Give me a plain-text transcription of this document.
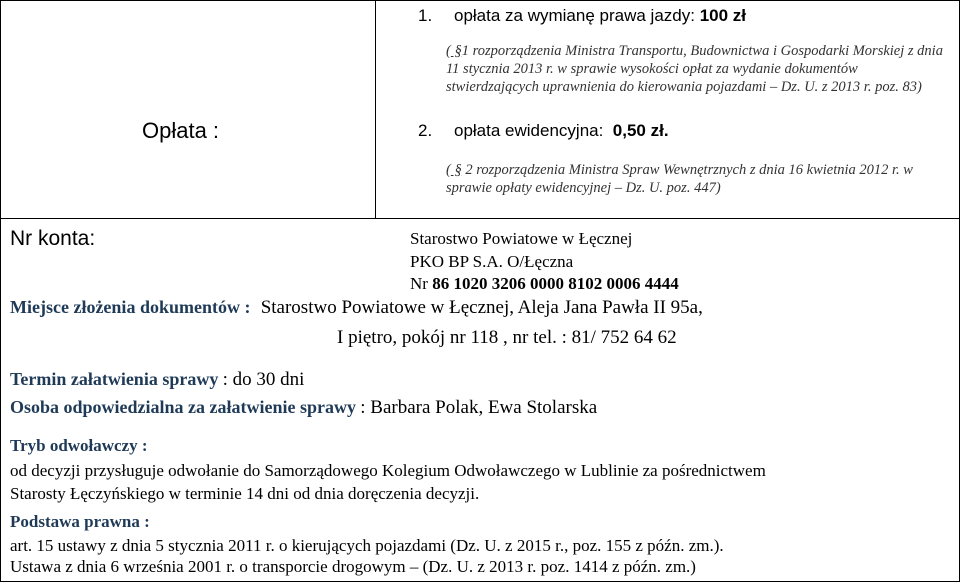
Opłata :
1. opłata za wymianę prawa jazdy: 100 zł
( §1 rozporządzenia Ministra Transportu, Budownictwa i Gospodarki Morskiej z dnia 11 stycznia 2013 r. w sprawie wysokości opłat za wydanie dokumentów stwierdzających uprawnienia do kierowania pojazdami – Dz. U. z 2013 r. poz. 83)
2. opłata ewidencyjna: 0,50 zł.
( § 2 rozporządzenia Ministra Spraw Wewnętrznych z dnia 16 kwietnia 2012 r. w sprawie opłaty ewidencyjnej – Dz. U. poz. 447)
Nr konta:	Starostwo Powiatowe w Łęcznej
PKO BP S.A. O/Łęczna
Nr 86 1020 3206 0000 8102 0006 4444
Miejsce złożenia dokumentów : Starostwo Powiatowe w Łęcznej, Aleja Jana Pawła II 95a,
I piętro, pokój nr 118 , nr tel. : 81/ 752 64 62
Termin załatwienia sprawy : do 30 dni
Osoba odpowiedzialna za załatwienie sprawy : Barbara Polak, Ewa Stolarska
Tryb odwoławczy :
od decyzji przysługuje odwołanie do Samorządowego Kolegium Odwoławczego w Lublinie za pośrednictwem
Starosty Łęczyńskiego w terminie 14 dni od dnia doręczenia decyzji.
Podstawa prawna :
art. 15 ustawy z dnia 5 stycznia 2011 r. o kierujących pojazdami (Dz. U. z 2015 r., poz. 155 z późn. zm.).
Ustawa z dnia 6 września 2001 r. o transporcie drogowym – (Dz. U. z 2013 r. poz. 1414 z późn. zm.)
